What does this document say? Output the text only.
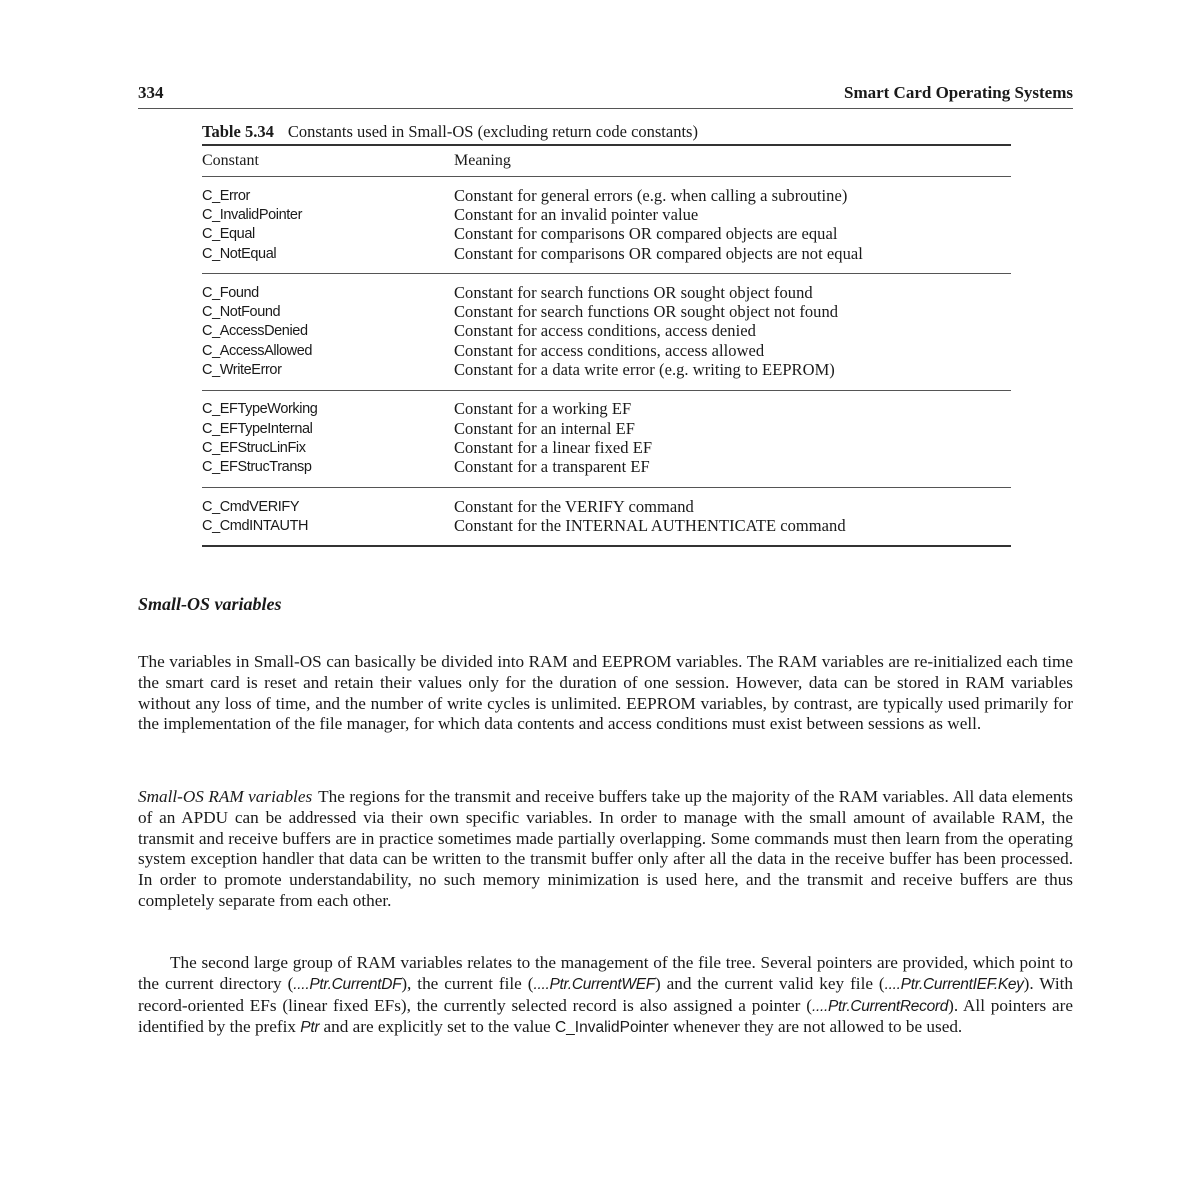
334	Smart Card Operating Systems
Table 5.34 Constants used in Small-OS (excluding return code constants)
Constant	Meaning
C_Error	Constant for general errors (e.g. when calling a subroutine)
C_InvalidPointer	Constant for an invalid pointer value
C_Equal	Constant for comparisons OR compared objects are equal
C_NotEqual	Constant for comparisons OR compared objects are not equal
C_Found	Constant for search functions OR sought object found
C_NotFound	Constant for search functions OR sought object not found
C_AccessDenied	Constant for access conditions, access denied
C_AccessAllowed	Constant for access conditions, access allowed
C_WriteError	Constant for a data write error (e.g. writing to EEPROM)
C_EFTypeWorking	Constant for a working EF
C_EFTypeInternal	Constant for an internal EF
C_EFStrucLinFix	Constant for a linear fixed EF
C_EFStrucTransp	Constant for a transparent EF
C_CmdVERIFY	Constant for the VERIFY command
C_CmdINTAUTH	Constant for the INTERNAL AUTHENTICATE command
Small-OS variables

The variables in Small-OS can basically be divided into RAM and EEPROM variables. The RAM variables are re-initialized each time the smart card is reset and retain their values only for the duration of one session. However, data can be stored in RAM variables without any loss of time, and the number of write cycles is unlimited. EEPROM variables, by contrast, are typically used primarily for the implementation of the file manager, for which data contents and access conditions must exist between sessions as well.

Small-OS RAM variables The regions for the transmit and receive buffers take up the majority of the RAM variables. All data elements of an APDU can be addressed via their own specific variables. In order to manage with the small amount of available RAM, the transmit and receive buffers are in practice sometimes made partially overlapping. Some commands must then learn from the operating system exception handler that data can be written to the transmit buffer only after all the data in the receive buffer has been processed. In order to promote understandability, no such memory minimization is used here, and the transmit and receive buffers are thus completely separate from each other.

The second large group of RAM variables relates to the management of the file tree. Several pointers are provided, which point to the current directory (....Ptr.CurrentDF), the current file (....Ptr.CurrentWEF) and the current valid key file (....Ptr.CurrentIEF.Key). With record-oriented EFs (linear fixed EFs), the currently selected record is also assigned a pointer (....Ptr.CurrentRecord). All pointers are identified by the prefix Ptr and are explicitly set to the value C_InvalidPointer whenever they are not allowed to be used.
